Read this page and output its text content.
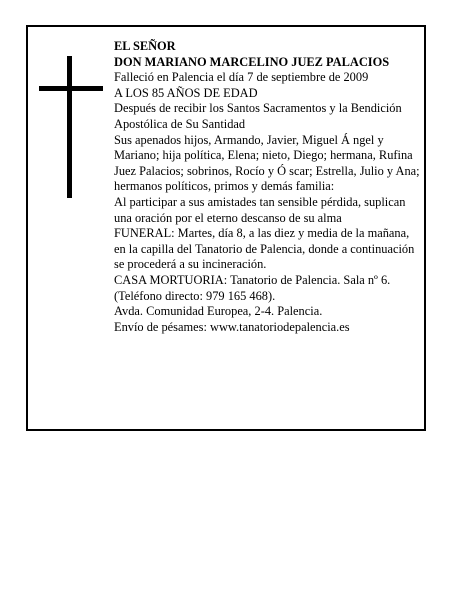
EL SEÑOR
DON MARIANO MARCELINO JUEZ PALACIOS
Falleció en Palencia el día 7 de septiembre de 2009
A LOS 85 AÑOS DE EDAD
Después de recibir los Santos Sacramentos y la Bendición Apostólica de Su Santidad
Sus apenados hijos, Armando, Javier, Miguel Á ngel y Mariano; hija política, Elena; nieto, Diego; hermana, Rufina Juez Palacios; sobrinos, Rocío y Ó scar; Estrella, Julio y Ana; hermanos políticos, primos y demás familia:
Al participar a sus amistades tan sensible pérdida, suplican una oración por el eterno descanso de su alma
FUNERAL: Martes, día 8, a las diez y media de la mañana, en la capilla del Tanatorio de Palencia, donde a continuación se procederá a su incineración.
CASA MORTUORIA: Tanatorio de Palencia. Sala nº 6. (Teléfono directo: 979 165 468).
Avda. Comunidad Europea, 2-4. Palencia.
Envío de pésames: www.tanatoriodepalencia.es
